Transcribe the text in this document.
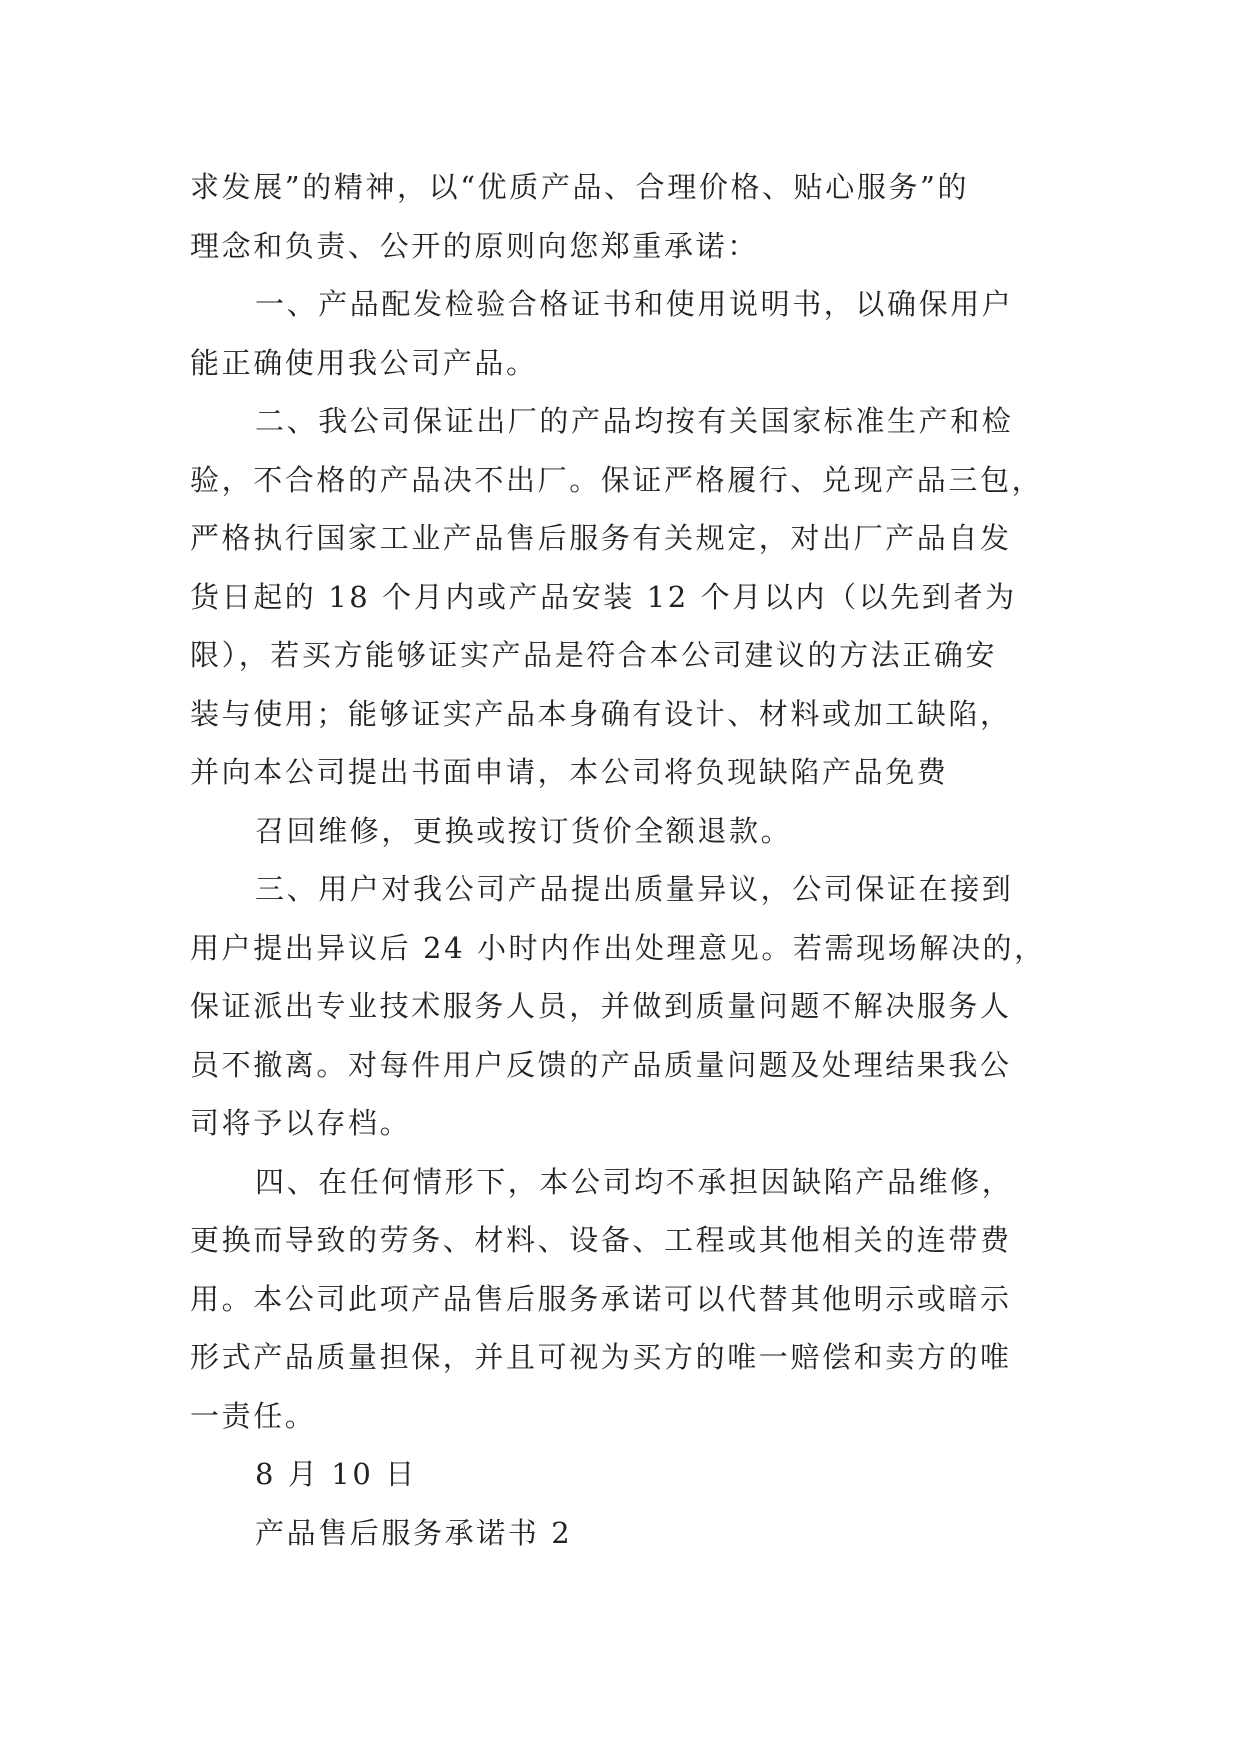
求发展”的精神，以“优质产品、合理价格、贴心服务”的
理念和负责、公开的原则向您郑重承诺：
一、产品配发检验合格证书和使用说明书，以确保用户
能正确使用我公司产品。
二、我公司保证出厂的产品均按有关国家标准生产和检
验，不合格的产品决不出厂。保证严格履行、兑现产品三包，
严格执行国家工业产品售后服务有关规定，对出厂产品自发
货日起的 18 个月内或产品安装 12 个月以内（以先到者为
限），若买方能够证实产品是符合本公司建议的方法正确安
装与使用；能够证实产品本身确有设计、材料或加工缺陷，
并向本公司提出书面申请，本公司将负现缺陷产品免费
召回维修，更换或按订货价全额退款。
三、用户对我公司产品提出质量异议，公司保证在接到
用户提出异议后 24 小时内作出处理意见。若需现场解决的，
保证派出专业技术服务人员，并做到质量问题不解决服务人
员不撤离。对每件用户反馈的产品质量问题及处理结果我公
司将予以存档。
四、在任何情形下，本公司均不承担因缺陷产品维修，
更换而导致的劳务、材料、设备、工程或其他相关的连带费
用。本公司此项产品售后服务承诺可以代替其他明示或暗示
形式产品质量担保，并且可视为买方的唯一赔偿和卖方的唯
一责任。
8 月 10 日
产品售后服务承诺书 2
